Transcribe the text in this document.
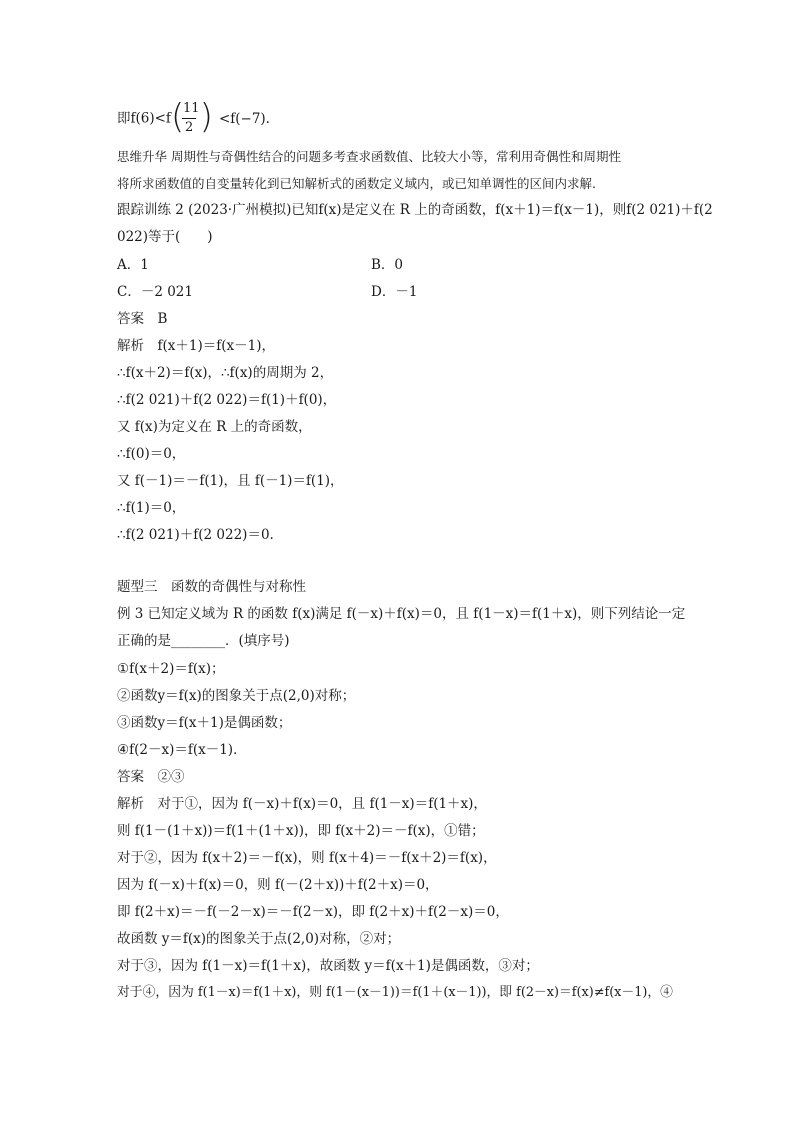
即f(6)<f (
11
2 ) <f(−7).
思维升华 周期性与奇偶性结合的问题多考查求函数值、比较大小等，常利用奇偶性和周期性
将所求函数值的自变量转化到已知解析式的函数定义域内，或已知单调性的区间内求解.
跟踪训练 2 (2023·广州模拟)已知f(x)是定义在 R 上的奇函数，f(x＋1)＝f(x－1)，则f(2 021)＋f(2
022)等于(　　)
A．1	B．0
C．－2 021	D．－1
答案　B
解析　f(x＋1)＝f(x－1)，
∴f(x＋2)＝f(x)，∴f(x)的周期为 2，
∴f(2 021)＋f(2 022)＝f(1)＋f(0)，
又 f(x)为定义在 R 上的奇函数，
∴f(0)＝0，
又 f(－1)＝－f(1)，且 f(－1)＝f(1)，
∴f(1)＝0，
∴f(2 021)＋f(2 022)＝0.
题型三　函数的奇偶性与对称性
例 3 已知定义域为 R 的函数 f(x)满足 f(－x)＋f(x)＝0，且 f(1－x)＝f(1＋x)，则下列结论一定
正确的是________．(填序号)
①f(x＋2)＝f(x)；
②函数y＝f(x)的图象关于点(2,0)对称；
③函数y＝f(x＋1)是偶函数；
④f(2－x)＝f(x－1)．
答案　②③
解析　对于①，因为 f(－x)＋f(x)＝0，且 f(1－x)＝f(1＋x)，
则 f(1－(1＋x))＝f(1＋(1＋x))，即 f(x＋2)＝－f(x)，①错；
对于②，因为 f(x＋2)＝－f(x)，则 f(x＋4)＝－f(x＋2)＝f(x)，
因为 f(－x)＋f(x)＝0，则 f(－(2＋x))＋f(2＋x)＝0，
即 f(2＋x)＝－f(－2－x)＝－f(2－x)，即 f(2＋x)＋f(2－x)＝0，
故函数 y＝f(x)的图象关于点(2,0)对称，②对；
对于③，因为 f(1－x)＝f(1＋x)，故函数 y＝f(x＋1)是偶函数，③对；
对于④，因为 f(1－x)＝f(1＋x)，则 f(1－(x－1))＝f(1＋(x－1))，即 f(2－x)＝f(x)≠f(x－1)，④
